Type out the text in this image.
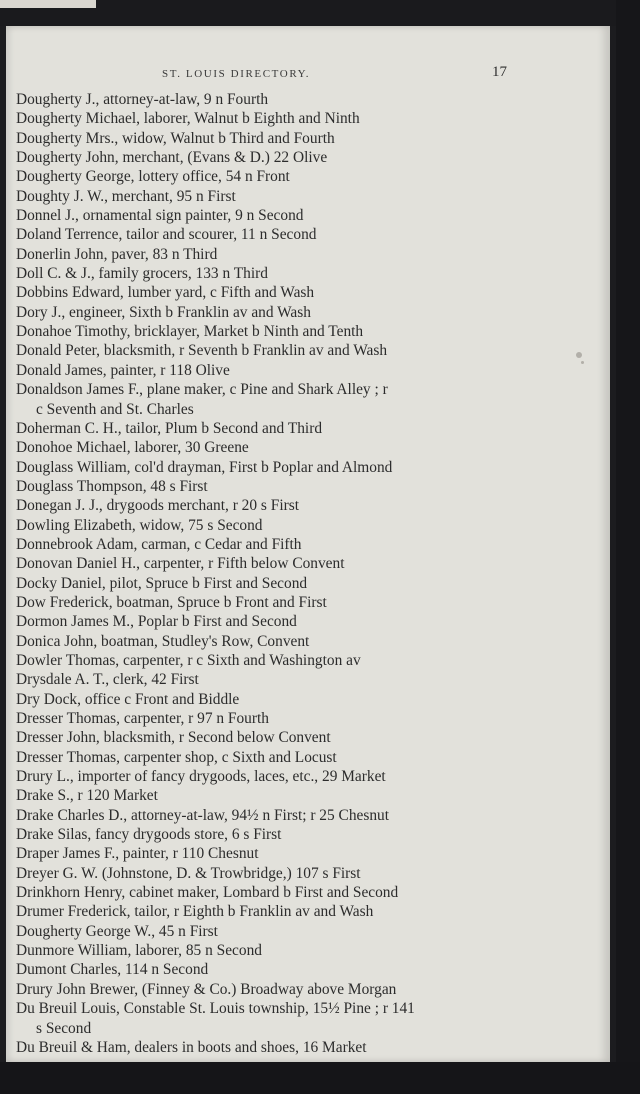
ST. LOUIS DIRECTORY.	17
Dougherty J., attorney-at-law, 9 n Fourth
Dougherty Michael, laborer, Walnut b Eighth and Ninth
Dougherty Mrs., widow, Walnut b Third and Fourth
Dougherty John, merchant, (Evans & D.) 22 Olive
Dougherty George, lottery office, 54 n Front
Doughty J. W., merchant, 95 n First
Donnel J., ornamental sign painter, 9 n Second
Doland Terrence, tailor and scourer, 11 n Second
Donerlin John, paver, 83 n Third
Doll C. & J., family grocers, 133 n Third
Dobbins Edward, lumber yard, c Fifth and Wash
Dory J., engineer, Sixth b Franklin av and Wash
Donahoe Timothy, bricklayer, Market b Ninth and Tenth
Donald Peter, blacksmith, r Seventh b Franklin av and Wash
Donald James, painter, r 118 Olive
Donaldson James F., plane maker, c Pine and Shark Alley ; r
c Seventh and St. Charles
Doherman C. H., tailor, Plum b Second and Third
Donohoe Michael, laborer, 30 Greene
Douglass William, col'd drayman, First b Poplar and Almond
Douglass Thompson, 48 s First
Donegan J. J., drygoods merchant, r 20 s First
Dowling Elizabeth, widow, 75 s Second
Donnebrook Adam, carman, c Cedar and Fifth
Donovan Daniel H., carpenter, r Fifth below Convent
Docky Daniel, pilot, Spruce b First and Second
Dow Frederick, boatman, Spruce b Front and First
Dormon James M., Poplar b First and Second
Donica John, boatman, Studley's Row, Convent
Dowler Thomas, carpenter, r c Sixth and Washington av
Drysdale A. T., clerk, 42 First
Dry Dock, office c Front and Biddle
Dresser Thomas, carpenter, r 97 n Fourth
Dresser John, blacksmith, r Second below Convent
Dresser Thomas, carpenter shop, c Sixth and Locust
Drury L., importer of fancy drygoods, laces, etc., 29 Market
Drake S., r 120 Market
Drake Charles D., attorney-at-law, 94½ n First; r 25 Chesnut
Drake Silas, fancy drygoods store, 6 s First
Draper James F., painter, r 110 Chesnut
Dreyer G. W. (Johnstone, D. & Trowbridge,) 107 s First
Drinkhorn Henry, cabinet maker, Lombard b First and Second
Drumer Frederick, tailor, r Eighth b Franklin av and Wash
Dougherty George W., 45 n First
Dunmore William, laborer, 85 n Second
Dumont Charles, 114 n Second
Drury John Brewer, (Finney & Co.) Broadway above Morgan
Du Breuil Louis, Constable St. Louis township, 15½ Pine ; r 141
s Second
Du Breuil & Ham, dealers in boots and shoes, 16 Market
